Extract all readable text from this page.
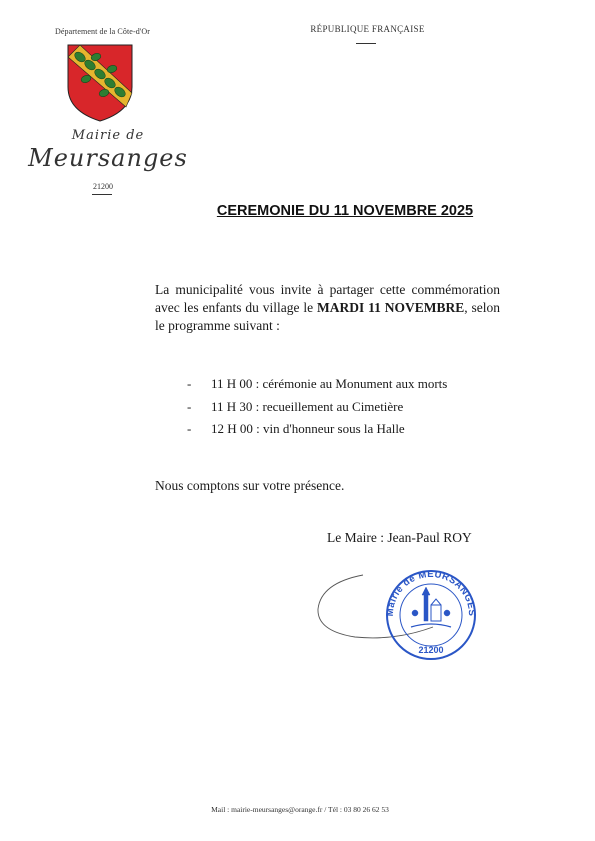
Département de la Côte-d'Or	RÉPUBLIQUE FRANÇAISE
Mairie de
Meursanges
21200
CEREMONIE DU 11 NOVEMBRE 2025

La municipalité vous invite à partager cette commémoration avec les enfants du village le MARDI 11 NOVEMBRE, selon le programme suivant :

- 11 H 00 : cérémonie au Monument aux morts
- 11 H 30 : recueillement au Cimetière
- 12 H 00 : vin d'honneur sous la Halle

Nous comptons sur votre présence.

Le Maire : Jean-Paul ROY

Mairie de MEURSANGES
21200
Mail : mairie-meursanges@orange.fr / Tél : 03 80 26 62 53
